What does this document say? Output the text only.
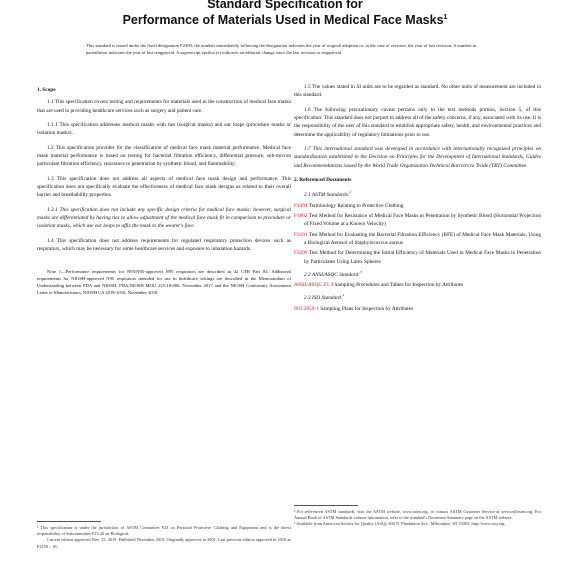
Standard Specification for
Performance of Materials Used in Medical Face Masks$^1$
This standard is issued under the fixed designation F2100; the number immediately following the designation indicates the year of original adoption or, in the case of revision, the year of last revision. A number in parentheses indicates the year of last reapproval. A superscript epsilon (ε) indicates an editorial change since the last revision or reapproval.
1. Scope

1.1 This specification covers testing and requirements for materials used in the construction of medical face masks that are used in providing healthcare services such as surgery and patient care.

1.1.1 This specification addresses medical masks with ties (surgical masks) and ear loops (procedure masks or isolation masks).

1.2 This specification provides for the classification of medical face mask material performance. Medical face mask material performance is based on testing for bacterial filtration efficiency, differential pressure, sub-micron particulate filtration efficiency, resistance to penetration by synthetic blood, and flammability.

1.3 This specification does not address all aspects of medical face mask design and performance. This specification does not specifically evaluate the effectiveness of medical face mask designs as related to their overall barrier and breathability properties.

1.3.1 This specification does not include any specific design criteria for medical face masks; however, surgical masks are differentiated by having ties to allow adjustment of the medical face mask fit in comparison to procedure or isolation masks, which use ear loops to affix the mask to the wearer's face.

1.4 This specification does not address requirements for regulated respiratory protection devices such as respirators, which may be necessary for some healthcare services and exposure to inhalation hazards.

Note 1—Performance requirements for N95/N95-approved N95 respirators are described in 42 CFR Part 84. Additional requirements for NIOSH-approved N95 respirators intended for use in healthcare settings are described in the Memorandum of Understanding between FDA and NIOSH. FDA/NIOSH MOU 225-18-006, November 2017 and the NIOSH Conformity Assessment Letter to Manufacturers, NIOSH CA 2018-1016, November 2018.

1.5 The values stated in SI units are to be regarded as standard. No other units of measurement are included in this standard.

1.6 The following precautionary caveat pertains only to the test methods portion, Section 5, of this specification: This standard does not purport to address all of the safety concerns, if any, associated with its use. It is the responsibility of the user of this standard to establish appropriate safety, health, and environmental practices and determine the applicability of regulatory limitations prior to use.

1.7 This international standard was developed in accordance with internationally recognized principles on standardization established in the Decision on Principles for the Development of International Standards, Guides and Recommendations issued by the World Trade Organization Technical Barriers to Trade (TBT) Committee.

2. Referenced Documents
2.1 ASTM Standards:$^2$
F1494 Terminology Relating to Protective Clothing
F1862 Test Method for Resistance of Medical Face Masks to Penetration by Synthetic Blood (Horizontal Projection of Fixed Volume at a Known Velocity)
F2101 Test Method for Evaluating the Bacterial Filtration Efficiency (BFE) of Medical Face Mask Materials, Using a Biological Aerosol of Staphylococcus aureus
F2299 Test Method for Determining the Initial Efficiency of Materials Used in Medical Face Masks to Penetration by Particulates Using Latex Spheres
2.2 ANSI/ASQC Standard:$^3$
ANSI/ASQC Z1.4 Sampling Procedures and Tables for Inspection by Attributes
2.3 ISO Standard:$^4$
ISO 2859-1 Sampling Plans for Inspection by Attributes
¹ This specification is under the jurisdiction of ASTM Committee F23 on Personal Protective Clothing and Equipment and is the direct responsibility of Subcommittee F23.40 on Biological.
Current edition approved Nov. 15, 2019. Published December 2019. Originally approved in 2001. Last previous edition approved in 2018 as F2100 – 18.
² For referenced ASTM standards, visit the ASTM website, www.astm.org, or contact ASTM Customer Service at service@astm.org. For Annual Book of ASTM Standards volume information, refer to the standard's Document Summary page on the ASTM website.
³ Available from American Society for Quality (ASQ), 600 N. Plankinton Ave., Milwaukee, WI 53203, http://www.asq.org.
